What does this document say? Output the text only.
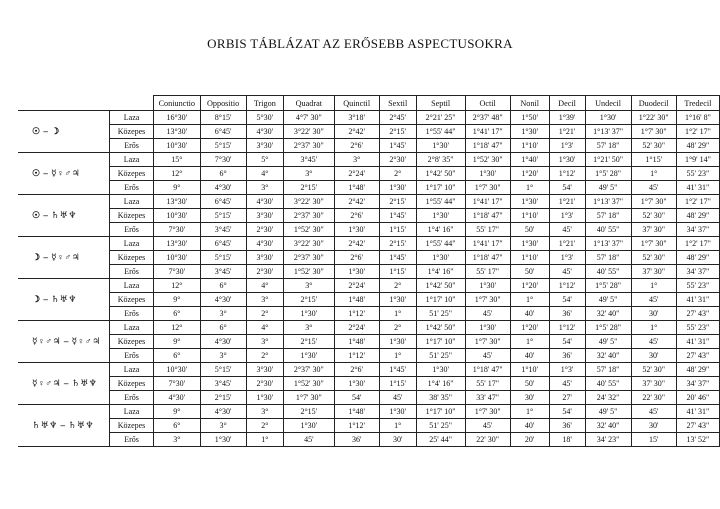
ORBIS TÁBLÁZAT AZ ERŐSEBB ASPECTUSOKRA
		Coniunctio	Oppositio	Trigon	Quadrat	Quinctil	Sextil	Septil	Octil	Nonil	Decil	Undecil	Duodecil	Tredecil
☉ – ☽	Laza	16°30'	8°15'	5°30'	4°7' 30"	3°18'	2°45'	2°21' 25"	2°37' 48"	1°50'	1°39'	1°30'	1°22' 30"	1°16' 8"
	Közepes	13°30'	6°45'	4°30'	3°22' 30"	2°42'	2°15'	1°55' 44"	1°41' 17"	1°30'	1°21'	1°13' 37"	1°7' 30"	1°2' 17"
	Erős	10°30'	5°15'	3°30'	2°37' 30"	2°6'	1°45'	1°30'	1°18' 47"	1°10'	1°3'	57' 18"	52' 30"	48' 29"
☉ – ☿♀♂♃	Laza	15°	7°30'	5°	3°45'	3°	2°30'	2°8' 35"	1°52' 30"	1°40'	1°30'	1°21' 50"	1°15'	1°9' 14"
	Közepes	12°	6°	4°	3°	2°24'	2°	1°42' 50"	1°30'	1°20'	1°12'	1°5' 28"	1°	55' 23"
	Erős	9°	4°30'	3°	2°15'	1°48'	1°30'	1°17' 10"	1°7' 30"	1°	54'	49' 5"	45'	41' 31"
☉ – ♄♅♆	Laza	13°30'	6°45'	4°30'	3°22' 30"	2°42'	2°15'	1°55' 44"	1°41' 17"	1°30'	1°21'	1°13' 37"	1°7' 30"	1°2' 17"
	Közepes	10°30'	5°15'	3°30'	2°37' 30"	2°6'	1°45'	1°30'	1°18' 47"	1°10'	1°3'	57' 18"	52' 30"	48' 29"
	Erős	7°30'	3°45'	2°30'	1°52' 30"	1°30'	1°15'	1°4' 16"	55' 17"	50'	45'	40' 55"	37' 30"	34' 37"
☽ – ☿♀♂♃	Laza	13°30'	6°45'	4°30'	3°22' 30"	2°42'	2°15'	1°55' 44"	1°41' 17"	1°30'	1°21'	1°13' 37"	1°7' 30"	1°2' 17"
	Közepes	10°30'	5°15'	3°30'	2°37' 30"	2°6'	1°45'	1°30'	1°18' 47"	1°10'	1°3'	57' 18"	52' 30"	48' 29"
	Erős	7°30'	3°45'	2°30'	1°52' 30"	1°30'	1°15'	1°4' 16"	55' 17"	50'	45'	40' 55"	37' 30"	34' 37"
☽ – ♄♅♆	Laza	12°	6°	4°	3°	2°24'	2°	1°42' 50"	1°30'	1°20'	1°12'	1°5' 28"	1°	55' 23"
	Közepes	9°	4°30'	3°	2°15'	1°48'	1°30'	1°17' 10"	1°7' 30"	1°	54'	49' 5"	45'	41' 31"
	Erős	6°	3°	2°	1°30'	1°12'	1°	51' 25"	45'	40'	36'	32' 40"	30'	27' 43"
☿♀♂♃ – ☿♀♂♃	Laza	12°	6°	4°	3°	2°24'	2°	1°42' 50"	1°30'	1°20'	1°12'	1°5' 28"	1°	55' 23"
	Közepes	9°	4°30'	3°	2°15'	1°48'	1°30'	1°17' 10"	1°7' 30"	1°	54'	49' 5"	45'	41' 31"
	Erős	6°	3°	2°	1°30'	1°12'	1°	51' 25"	45'	40'	36'	32' 40"	30'	27' 43"
☿♀♂♃ – ♄♅♆	Laza	10°30'	5°15'	3°30'	2°37' 30"	2°6'	1°45'	1°30'	1°18' 47"	1°10'	1°3'	57' 18"	52' 30"	48' 29"
	Közepes	7°30'	3°45'	2°30'	1°52' 30"	1°30'	1°15'	1°4' 16"	55' 17"	50'	45'	40' 55"	37' 30"	34' 37"
	Erős	4°30'	2°15'	1°30'	1°7' 30"	54'	45'	38' 35"	33' 47"	30'	27'	24' 32"	22' 30"	20' 46"
♄♅♆ – ♄♅♆	Laza	9°	4°30'	3°	2°15'	1°48'	1°30'	1°17' 10"	1°7' 30"	1°	54'	49' 5"	45'	41' 31"
	Közepes	6°	3°	2°	1°30'	1°12'	1°	51' 25"	45'	40'	36'	32' 40"	30'	27' 43"
	Erős	3°	1°30'	1°	45'	36'	30'	25' 44"	22' 30"	20'	18'	34' 23"	15'	13' 52"
